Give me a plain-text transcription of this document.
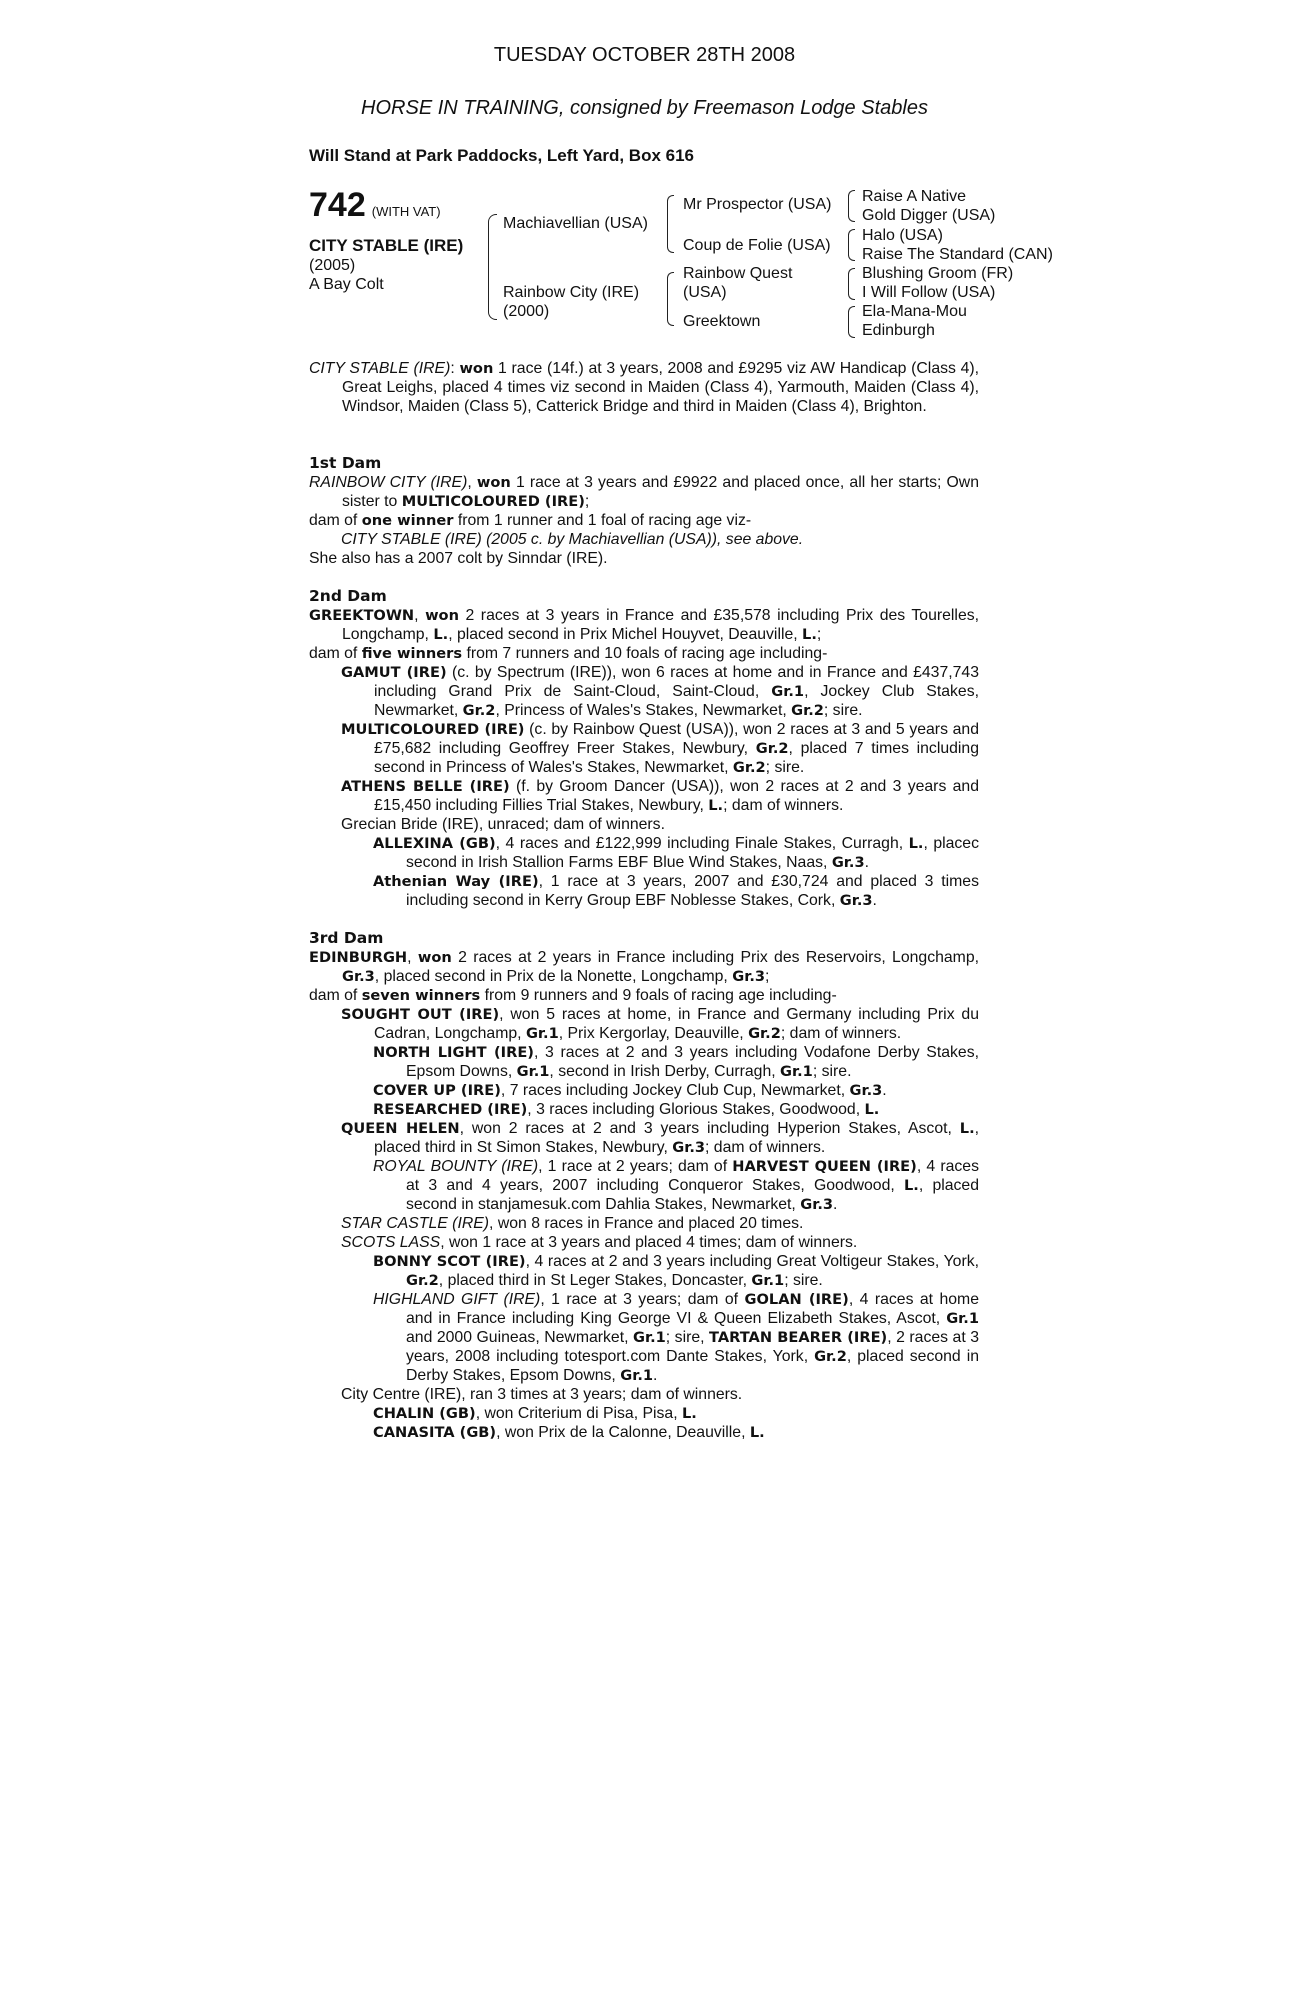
TUESDAY OCTOBER 28TH 2008
HORSE IN TRAINING, consigned by Freemason Lodge Stables
Will Stand at Park Paddocks, Left Yard, Box 616
742 (WITH VAT)
CITY STABLE (IRE)
(2005)
A Bay Colt
Machiavellian (USA)
Rainbow City (IRE)
(2000)
Mr Prospector (USA)
Coup de Folie (USA)
Rainbow Quest
(USA)
Greektown
Raise A Native
Gold Digger (USA)
Halo (USA)
Raise The Standard (CAN)
Blushing Groom (FR)
I Will Follow (USA)
Ela-Mana-Mou
Edinburgh

CITY STABLE (IRE): won 1 race (14f.) at 3 years, 2008 and £9295 viz AW Handicap (Class 4), Great Leighs, placed 4 times viz second in Maiden (Class 4), Yarmouth, Maiden (Class 4), Windsor, Maiden (Class 5), Catterick Bridge and third in Maiden (Class 4), Brighton.

1st Dam

RAINBOW CITY (IRE), won 1 race at 3 years and £9922 and placed once, all her starts; Own sister to MULTICOLOURED (IRE);

dam of one winner from 1 runner and 1 foal of racing age viz-

CITY STABLE (IRE) (2005 c. by Machiavellian (USA)), see above.

She also has a 2007 colt by Sinndar (IRE).

2nd Dam

GREEKTOWN, won 2 races at 3 years in France and £35,578 including Prix des Tourelles, Longchamp, L., placed second in Prix Michel Houyvet, Deauville, L.;

dam of five winners from 7 runners and 10 foals of racing age including-

GAMUT (IRE) (c. by Spectrum (IRE)), won 6 races at home and in France and £437,743 including Grand Prix de Saint-Cloud, Saint-Cloud, Gr.1, Jockey Club Stakes, Newmarket, Gr.2, Princess of Wales's Stakes, Newmarket, Gr.2; sire.

MULTICOLOURED (IRE) (c. by Rainbow Quest (USA)), won 2 races at 3 and 5 years and £75,682 including Geoffrey Freer Stakes, Newbury, Gr.2, placed 7 times including second in Princess of Wales's Stakes, Newmarket, Gr.2; sire.

ATHENS BELLE (IRE) (f. by Groom Dancer (USA)), won 2 races at 2 and 3 years and £15,450 including Fillies Trial Stakes, Newbury, L.; dam of winners.

Grecian Bride (IRE), unraced; dam of winners.

ALLEXINA (GB), 4 races and £122,999 including Finale Stakes, Curragh, L., placec second in Irish Stallion Farms EBF Blue Wind Stakes, Naas, Gr.3.

Athenian Way (IRE), 1 race at 3 years, 2007 and £30,724 and placed 3 times including second in Kerry Group EBF Noblesse Stakes, Cork, Gr.3.

3rd Dam

EDINBURGH, won 2 races at 2 years in France including Prix des Reservoirs, Longchamp, Gr.3, placed second in Prix de la Nonette, Longchamp, Gr.3;

dam of seven winners from 9 runners and 9 foals of racing age including-

SOUGHT OUT (IRE), won 5 races at home, in France and Germany including Prix du Cadran, Longchamp, Gr.1, Prix Kergorlay, Deauville, Gr.2; dam of winners.

NORTH LIGHT (IRE), 3 races at 2 and 3 years including Vodafone Derby Stakes, Epsom Downs, Gr.1, second in Irish Derby, Curragh, Gr.1; sire.

COVER UP (IRE), 7 races including Jockey Club Cup, Newmarket, Gr.3.

RESEARCHED (IRE), 3 races including Glorious Stakes, Goodwood, L.

QUEEN HELEN, won 2 races at 2 and 3 years including Hyperion Stakes, Ascot, L., placed third in St Simon Stakes, Newbury, Gr.3; dam of winners.

ROYAL BOUNTY (IRE), 1 race at 2 years; dam of HARVEST QUEEN (IRE), 4 races at 3 and 4 years, 2007 including Conqueror Stakes, Goodwood, L., placed second in stanjamesuk.com Dahlia Stakes, Newmarket, Gr.3.

STAR CASTLE (IRE), won 8 races in France and placed 20 times.

SCOTS LASS, won 1 race at 3 years and placed 4 times; dam of winners.

BONNY SCOT (IRE), 4 races at 2 and 3 years including Great Voltigeur Stakes, York, Gr.2, placed third in St Leger Stakes, Doncaster, Gr.1; sire.

HIGHLAND GIFT (IRE), 1 race at 3 years; dam of GOLAN (IRE), 4 races at home and in France including King George VI & Queen Elizabeth Stakes, Ascot, Gr.1 and 2000 Guineas, Newmarket, Gr.1; sire, TARTAN BEARER (IRE), 2 races at 3 years, 2008 including totesport.com Dante Stakes, York, Gr.2, placed second in Derby Stakes, Epsom Downs, Gr.1.

City Centre (IRE), ran 3 times at 3 years; dam of winners.

CHALIN (GB), won Criterium di Pisa, Pisa, L.

CANASITA (GB), won Prix de la Calonne, Deauville, L.
